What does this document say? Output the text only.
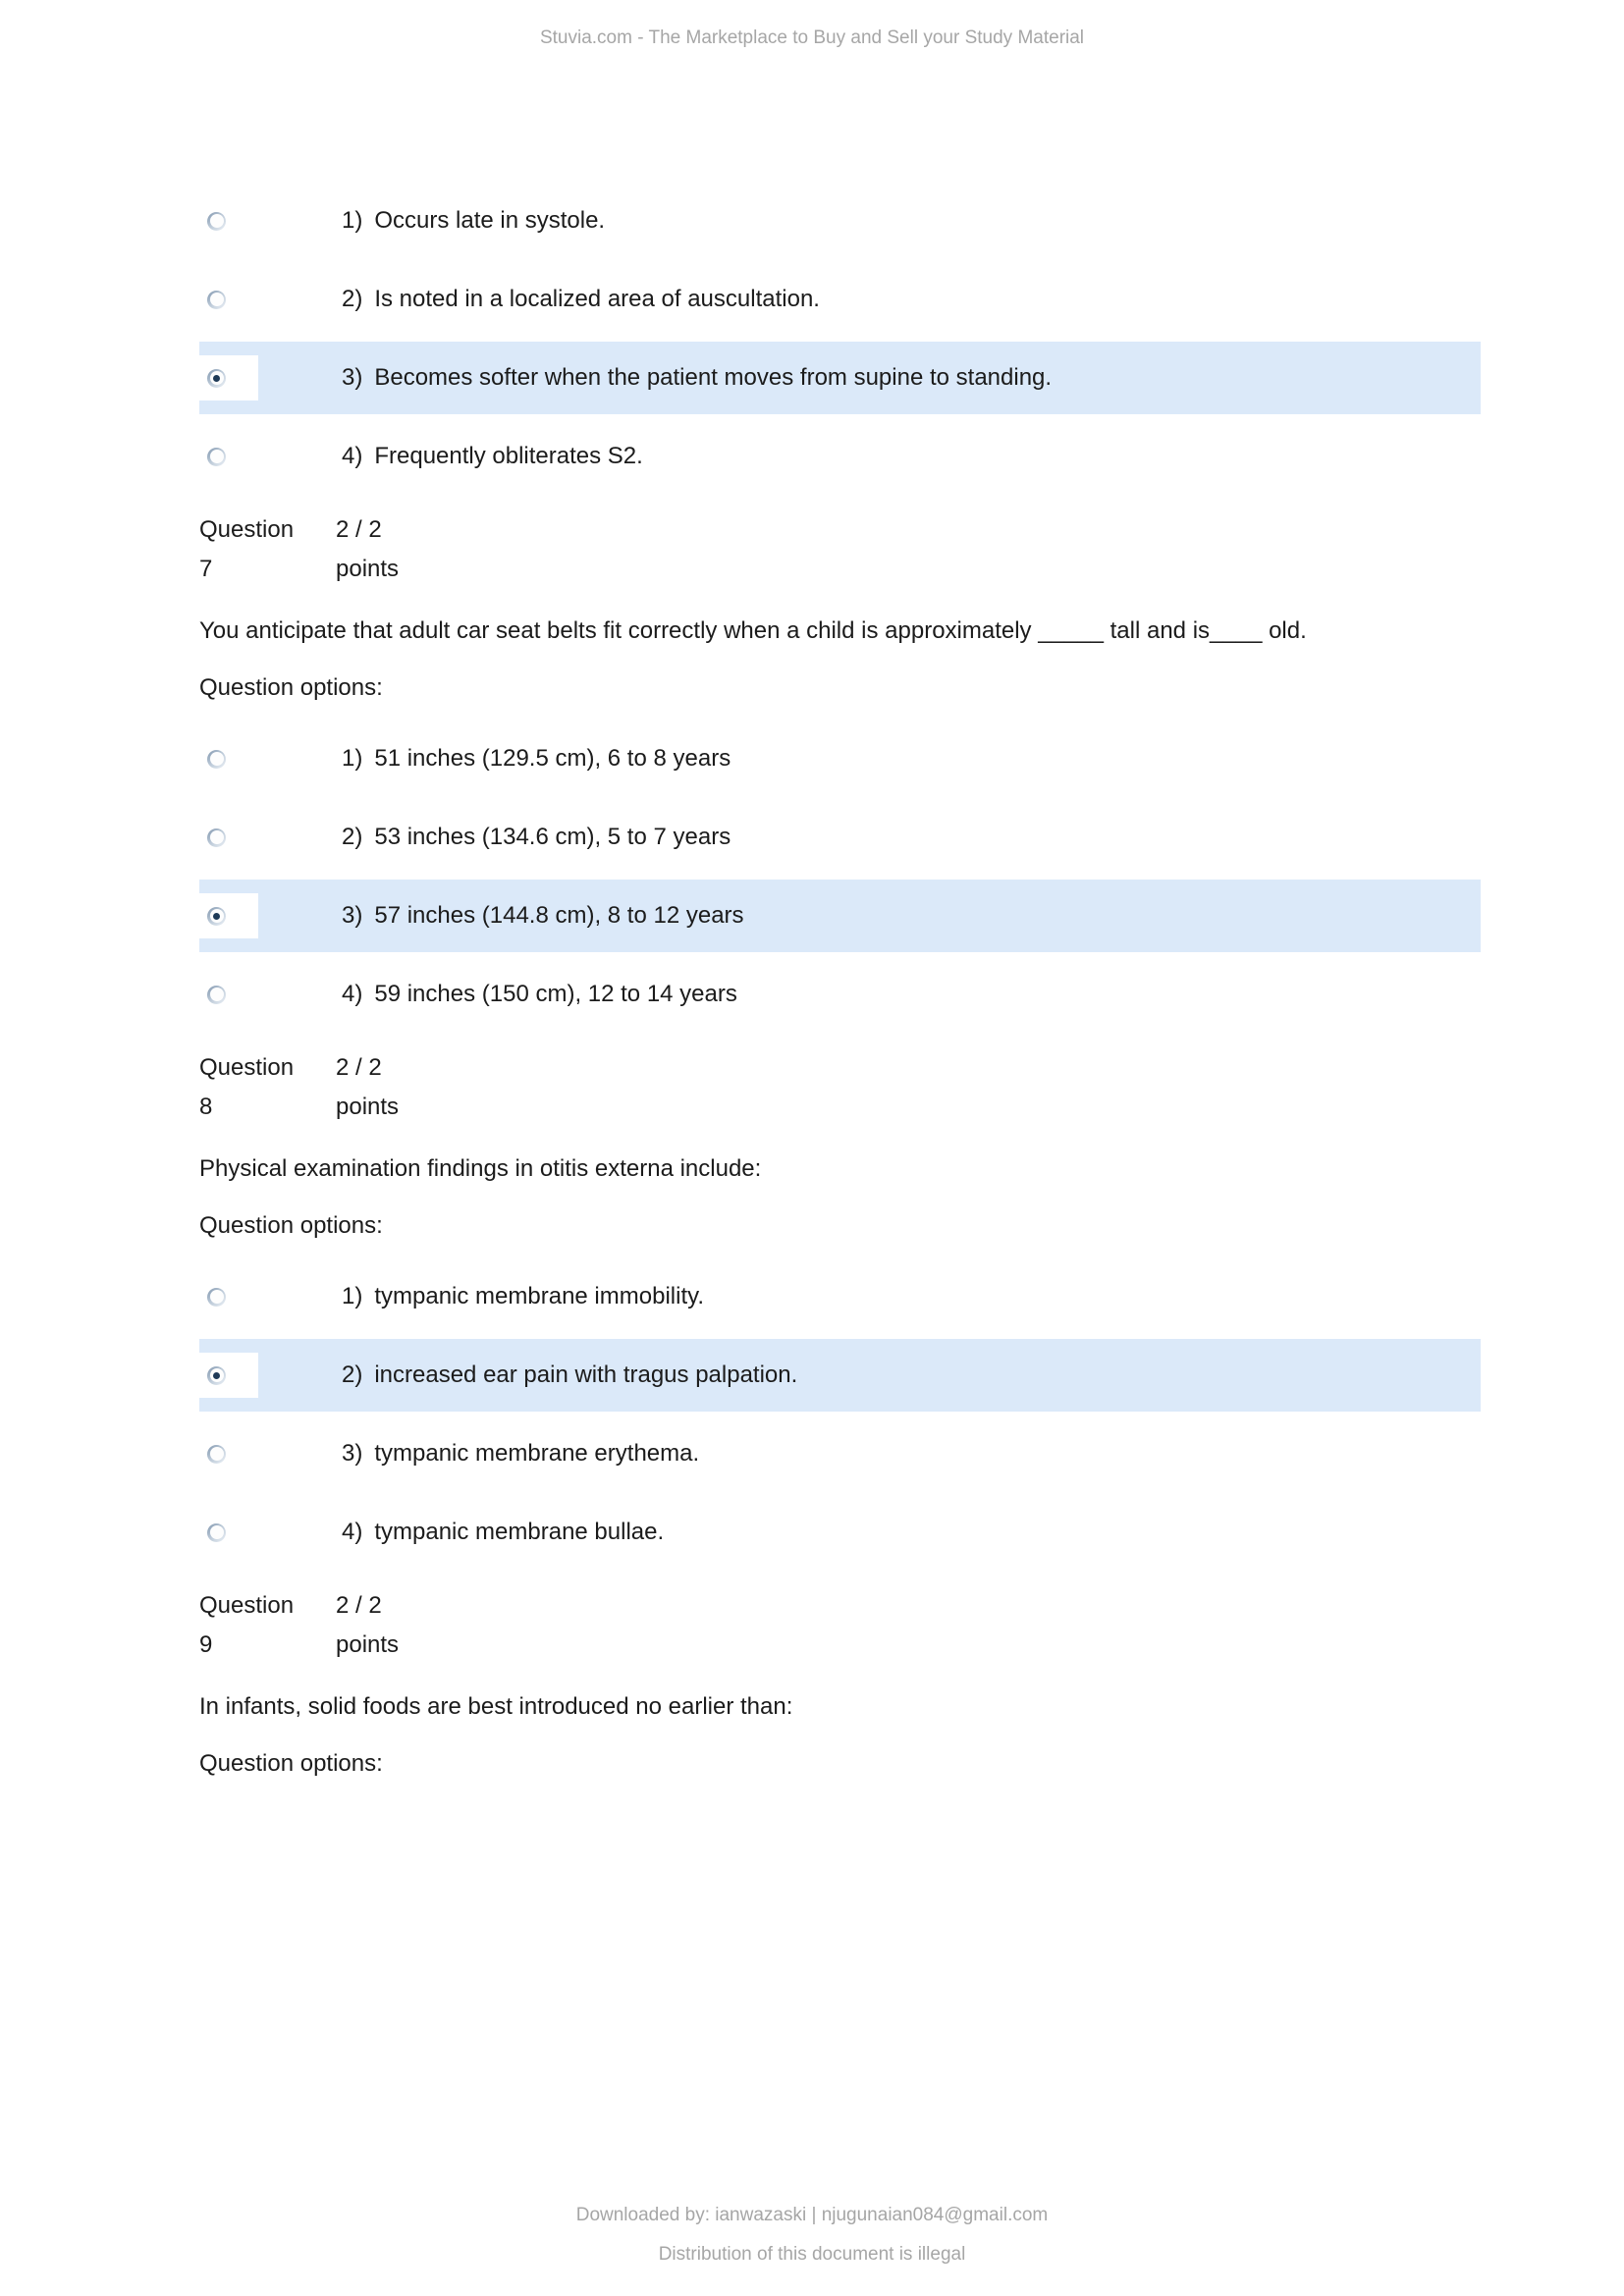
Stuvia.com - The Marketplace to Buy and Sell your Study Material
1) Occurs late in systole.
2) Is noted in a localized area of auscultation.
3) Becomes softer when the patient moves from supine to standing.
4) Frequently obliterates S2.
Question
7
2 / 2
points

You anticipate that adult car seat belts fit correctly when a child is approximately _____ tall and is____ old.

Question options:

1) 51 inches (129.5 cm), 6 to 8 years
2) 53 inches (134.6 cm), 5 to 7 years
3) 57 inches (144.8 cm), 8 to 12 years
4) 59 inches (150 cm), 12 to 14 years
Question
8
2 / 2
points

Physical examination findings in otitis externa include:

Question options:

1) tympanic membrane immobility.
2) increased ear pain with tragus palpation.
3) tympanic membrane erythema.
4) tympanic membrane bullae.
Question
9
2 / 2
points

In infants, solid foods are best introduced no earlier than:

Question options:

Downloaded by: ianwazaski | njugunaian084@gmail.com
Distribution of this document is illegal
